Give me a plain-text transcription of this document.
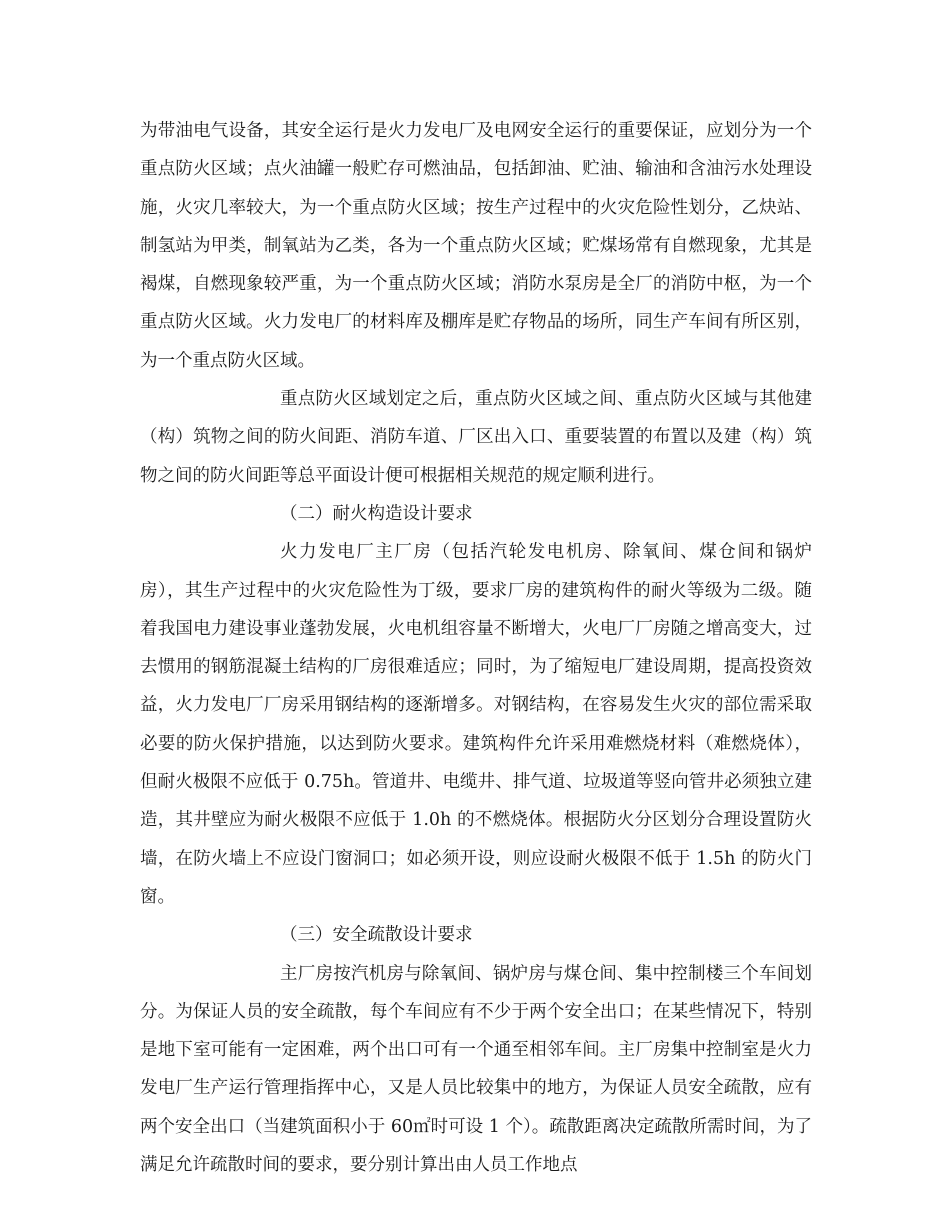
为带油电气设备，其安全运行是火力发电厂及电网安全运行的重要保证，应划分为一个重点防火区域；点火油罐一般贮存可燃油品，包括卸油、贮油、输油和含油污水处理设施，火灾几率较大，为一个重点防火区域；按生产过程中的火灾危险性划分，乙炔站、制氢站为甲类，制氧站为乙类，各为一个重点防火区域；贮煤场常有自燃现象，尤其是褐煤，自燃现象较严重，为一个重点防火区域；消防水泵房是全厂的消防中枢，为一个重点防火区域。火力发电厂的材料库及棚库是贮存物品的场所，同生产车间有所区别，为一个重点防火区域。

重点防火区域划定之后，重点防火区域之间、重点防火区域与其他建（构）筑物之间的防火间距、消防车道、厂区出入口、重要装置的布置以及建（构）筑物之间的防火间距等总平面设计便可根据相关规范的规定顺利进行。

（二）耐火构造设计要求

火力发电厂主厂房（包括汽轮发电机房、除氧间、煤仓间和锅炉房），其生产过程中的火灾危险性为丁级，要求厂房的建筑构件的耐火等级为二级。随着我国电力建设事业蓬勃发展，火电机组容量不断增大，火电厂厂房随之增高变大，过去惯用的钢筋混凝土结构的厂房很难适应；同时，为了缩短电厂建设周期，提高投资效益，火力发电厂厂房采用钢结构的逐渐增多。对钢结构，在容易发生火灾的部位需采取必要的防火保护措施，以达到防火要求。建筑构件允许采用难燃烧材料（难燃烧体），但耐火极限不应低于 0.75h。管道井、电缆井、排气道、垃圾道等竖向管井必须独立建造，其井壁应为耐火极限不应低于 1.0h 的不燃烧体。根据防火分区划分合理设置防火墙，在防火墙上不应设门窗洞口；如必须开设，则应设耐火极限不低于 1.5h 的防火门窗。

（三）安全疏散设计要求

主厂房按汽机房与除氧间、锅炉房与煤仓间、集中控制楼三个车间划分。为保证人员的安全疏散，每个车间应有不少于两个安全出口；在某些情况下，特别是地下室可能有一定困难，两个出口可有一个通至相邻车间。主厂房集中控制室是火力发电厂生产运行管理指挥中心，又是人员比较集中的地方，为保证人员安全疏散，应有两个安全出口（当建筑面积小于 60㎡时可设 1 个）。疏散距离决定疏散所需时间，为了满足允许疏散时间的要求，要分别计算出由人员工作地点
